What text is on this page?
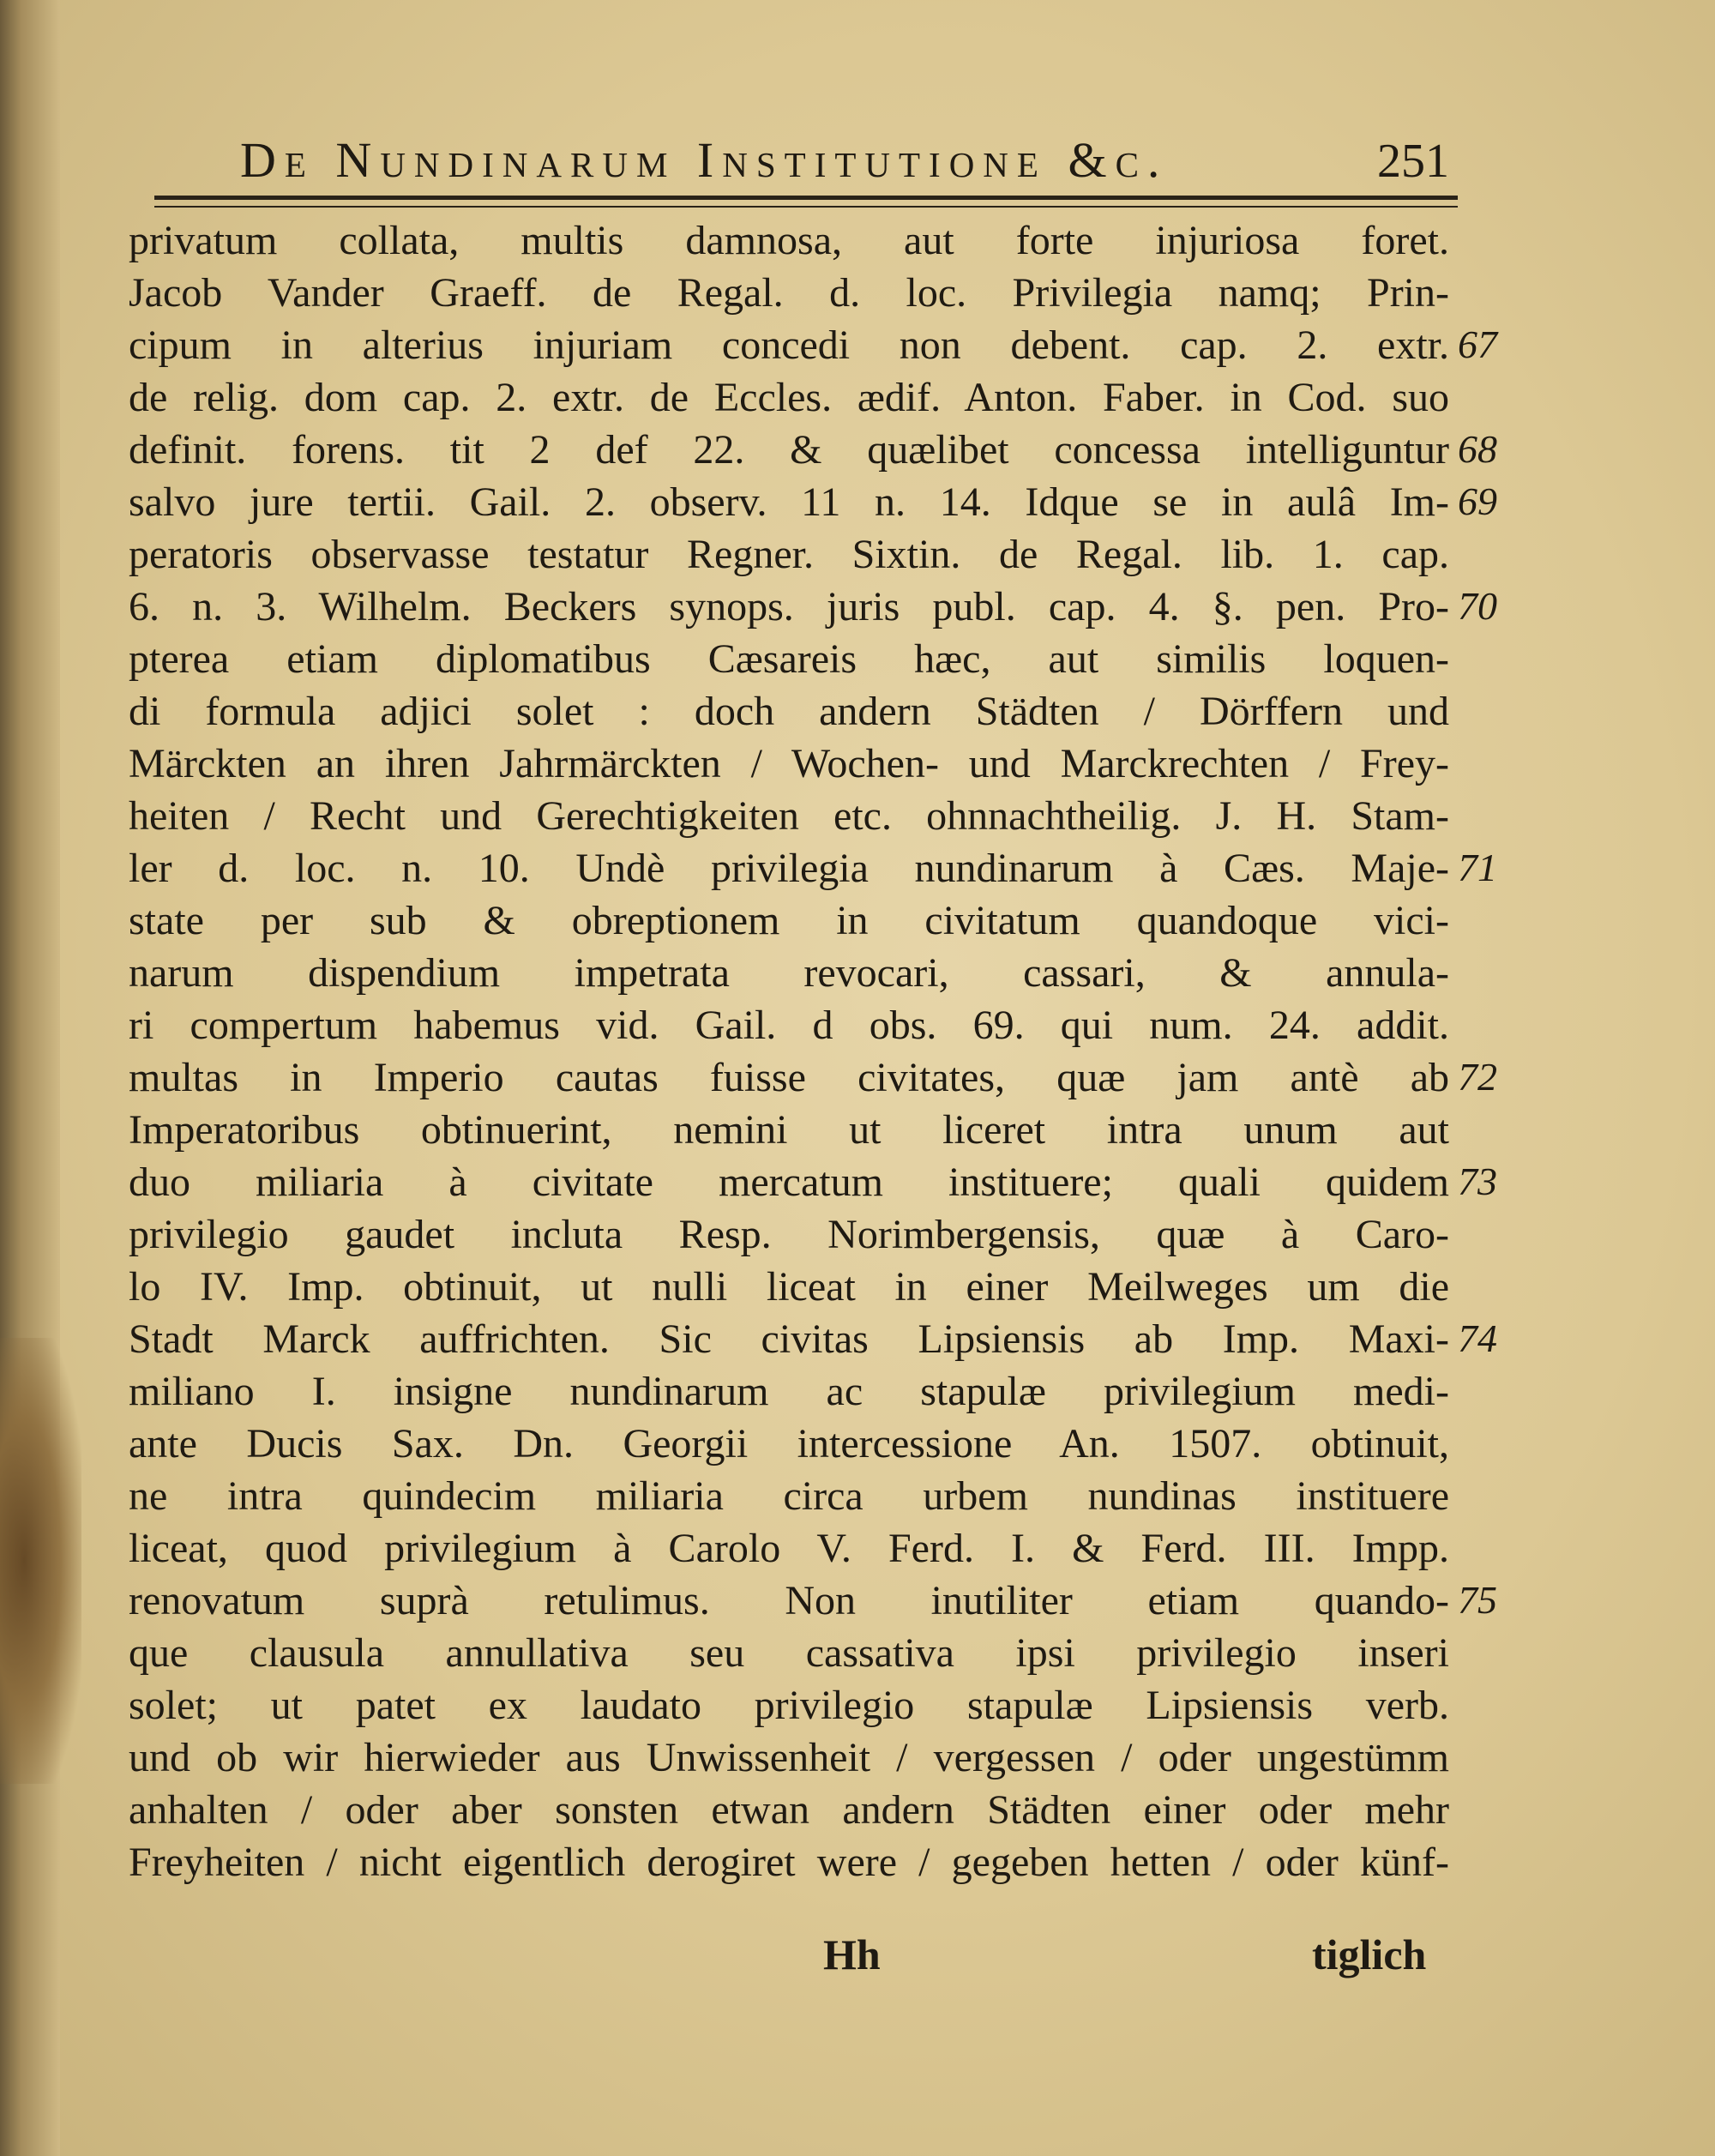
De Nundinarum Institutione &c.	251
privatum collata, multis damnosa, aut forte injuriosa foret.
Jacob Vander Graeff. de Regal. d. loc. Privilegia namq; Prin-
cipum in alterius injuriam concedi non debent. cap. 2. extr.
de relig. dom cap. 2. extr. de Eccles. ædif. Anton. Faber. in Cod. suo
definit. forens. tit 2 def 22. & quælibet concessa intelliguntur
salvo jure tertii. Gail. 2. observ. 11 n. 14. Idque se in aulâ Im-
peratoris observasse testatur Regner. Sixtin. de Regal. lib. 1. cap.
6. n. 3. Wilhelm. Beckers synops. juris publ. cap. 4. §. pen. Pro-
pterea etiam diplomatibus Cæsareis hæc, aut similis loquen-
di formula adjici solet : doch andern Städten / Dörffern und
Märckten an ihren Jahrmärckten / Wochen- und Marckrechten / Frey-
heiten / Recht und Gerechtigkeiten etc. ohnnachtheilig. J. H. Stam-
ler d. loc. n. 10. Undè privilegia nundinarum à Cæs. Maje-
state per sub & obreptionem in civitatum quandoque vici-
narum dispendium impetrata revocari, cassari, & annula-
ri compertum habemus vid. Gail. d obs. 69. qui num. 24. addit.
multas in Imperio cautas fuisse civitates, quæ jam antè ab
Imperatoribus obtinuerint, nemini ut liceret intra unum aut
duo miliaria à civitate mercatum instituere; quali quidem
privilegio gaudet incluta Resp. Norimbergensis, quæ à Caro-
lo IV. Imp. obtinuit, ut nulli liceat in einer Meilweges um die
Stadt Marck auffrichten. Sic civitas Lipsiensis ab Imp. Maxi-
miliano I. insigne nundinarum ac stapulæ privilegium medi-
ante Ducis Sax. Dn. Georgii intercessione An. 1507. obtinuit,
ne intra quindecim miliaria circa urbem nundinas instituere
liceat, quod privilegium à Carolo V. Ferd. I. & Ferd. III. Impp.
renovatum suprà retulimus. Non inutiliter etiam quando-
que clausula annullativa seu cassativa ipsi privilegio inseri
solet; ut patet ex laudato privilegio stapulæ Lipsiensis verb.
und ob wir hierwieder aus Unwissenheit / vergessen / oder ungestümm
anhalten / oder aber sonsten etwan andern Städten einer oder mehr
Freyheiten / nicht eigentlich derogiret were / gegeben hetten / oder künf-
67
68
69
70
71
72
73
74
75
Hh	tiglich
